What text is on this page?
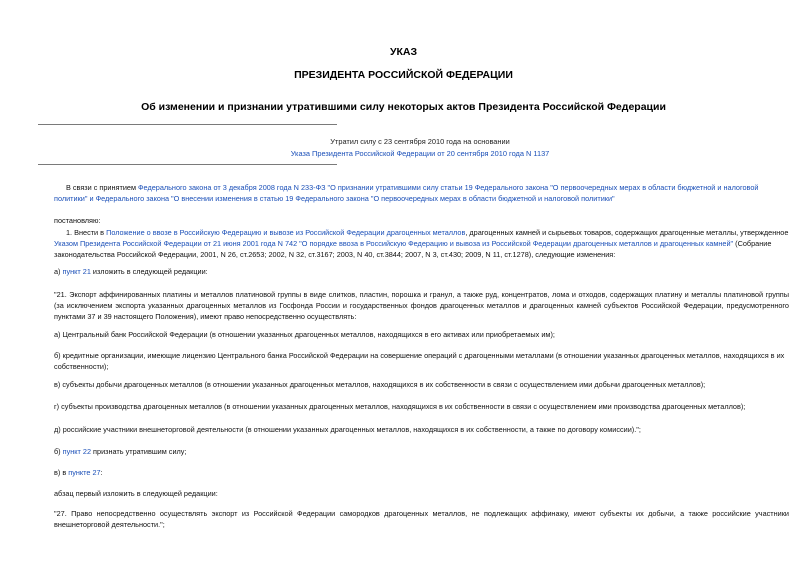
УКАЗ
ПРЕЗИДЕНТА РОССИЙСКОЙ ФЕДЕРАЦИИ
Об изменении и признании утратившими силу некоторых актов Президента Российской Федерации
Утратил силу с 23 сентября 2010 года на основании
Указа Президента Российской Федерации от 20 сентября 2010 года N 1137
В связи с принятием Федерального закона от 3 декабря 2008 года N 233-ФЗ "О признании утратившими силу статьи 19 Федерального закона "О первоочередных мерах в области бюджетной и налоговой политики" и Федерального закона "О внесении изменения в статью 19 Федерального закона "О первоочередных мерах в области бюджетной и налоговой политики"
постановляю:
1. Внести в Положение о ввозе в Российскую Федерацию и вывозе из Российской Федерации драгоценных металлов, драгоценных камней и сырьевых товаров, содержащих драгоценные металлы, утвержденное Указом Президента Российской Федерации от 21 июня 2001 года N 742 "О порядке ввоза в Российскую Федерацию и вывоза из Российской Федерации драгоценных металлов и драгоценных камней" (Собрание законодательства Российской Федерации, 2001, N 26, ст.2653; 2002, N 32, ст.3167; 2003, N 40, ст.3844; 2007, N 3, ст.430; 2009, N 11, ст.1278), следующие изменения:
а) пункт 21 изложить в следующей редакции:
"21. Экспорт аффинированных платины и металлов платиновой группы в виде слитков, пластин, порошка и гранул, а также руд, концентратов, лома и отходов, содержащих платину и металлы платиновой группы (за исключением экспорта указанных драгоценных металлов из Госфонда России и государственных фондов драгоценных металлов и драгоценных камней субъектов Российской Федерации, предусмотренного пунктами 37 и 39 настоящего Положения), имеют право непосредственно осуществлять:
а) Центральный банк Российской Федерации (в отношении указанных драгоценных металлов, находящихся в его активах или приобретаемых им);
б) кредитные организации, имеющие лицензию Центрального банка Российской Федерации на совершение операций с драгоценными металлами (в отношении указанных драгоценных металлов, находящихся в их собственности);
в) субъекты добычи драгоценных металлов (в отношении указанных драгоценных металлов, находящихся в их собственности в связи с осуществлением ими добычи драгоценных металлов);
г) субъекты производства драгоценных металлов (в отношении указанных драгоценных металлов, находящихся в их собственности в связи с осуществлением ими производства драгоценных металлов);
д) российские участники внешнеторговой деятельности (в отношении указанных драгоценных металлов, находящихся в их собственности, а также по договору комиссии).";
б) пункт 22 признать утратившим силу;
в) в пункте 27:
абзац первый изложить в следующей редакции:
"27. Право непосредственно осуществлять экспорт из Российской Федерации самородков драгоценных металлов, не подлежащих аффинажу, имеют субъекты их добычи, а также российские участники внешнеторговой деятельности.";
